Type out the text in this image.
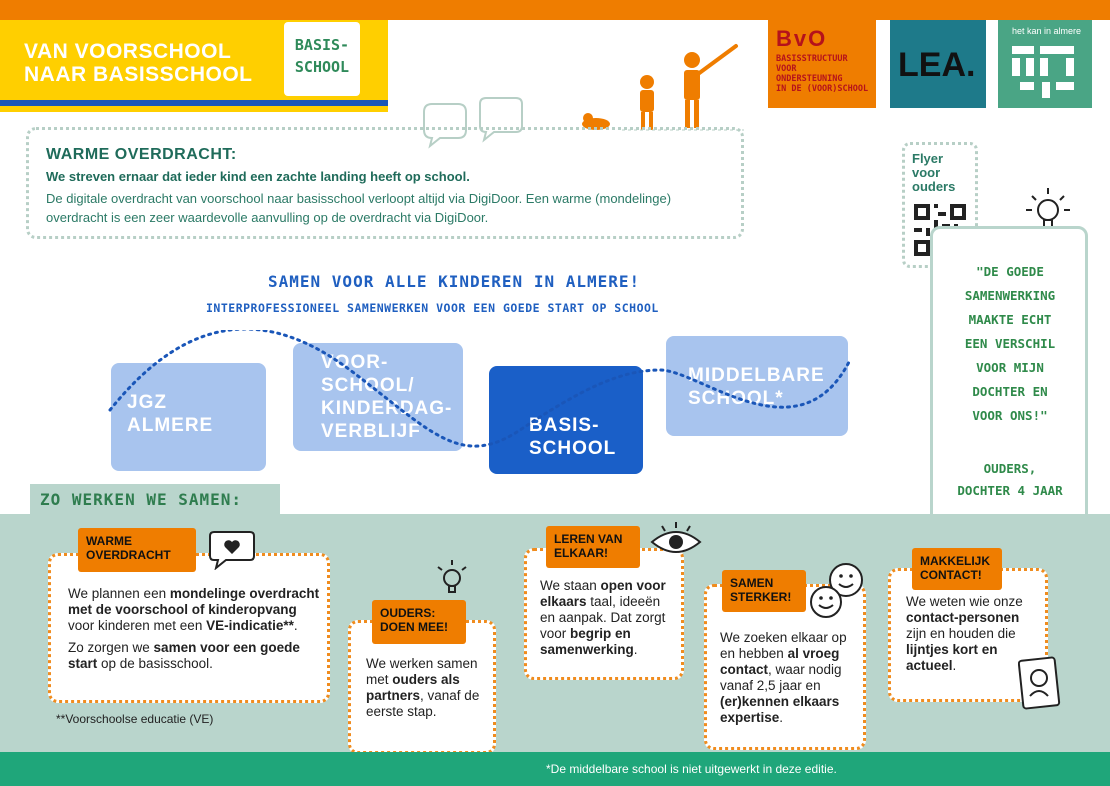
VAN VOORSCHOOL
NAAR BASISSCHOOL
BASIS-
SCHOOL
BvO
BASISSTRUCTUUR
VOOR
ONDERSTEUNING
IN DE (VOOR)SCHOOL
LEA.
het kan in almere
WARME OVERDRACHT:
We streven ernaar dat ieder kind een zachte landing heeft op school.
De digitale overdracht van voorschool naar basisschool verloopt altijd via DigiDoor. Een warme (mondelinge) overdracht is een zeer waardevolle aanvulling op de overdracht via DigiDoor.
Flyer
voor
ouders
SAMEN VOOR ALLE KINDEREN IN ALMERE!
INTERPROFESSIONEEL SAMENWERKEN VOOR EEN GOEDE START OP SCHOOL
JGZ
ALMERE
VOOR-
SCHOOL/
KINDERDAG-
VERBLIJF	BASIS-
SCHOOL
MIDDELBARE
SCHOOL*
"DE GOEDE
SAMENWERKING
MAAKTE ECHT
EEN VERSCHIL
VOOR MIJN
DOCHTER EN
VOOR ONS!"
OUDERS,
DOCHTER 4 JAAR
ZO WERKEN WE SAMEN:
WARME
OVERDRACHT
We plannen een mondelinge overdracht met de voorschool of kinderopvang voor kinderen met een VE-indicatie**.
Zo zorgen we samen voor een goede start op de basisschool.
**Voorschoolse educatie (VE)
OUDERS:
DOEN MEE!
We werken samen met ouders als partners, vanaf de eerste stap.
LEREN VAN
ELKAAR!
We staan open voor elkaars taal, ideeën en aanpak. Dat zorgt voor begrip en samenwerking.
SAMEN
STERKER!
We zoeken elkaar op en hebben al vroeg contact, waar nodig vanaf 2,5 jaar en (er)kennen elkaars expertise.
MAKKELIJK
CONTACT!
We weten wie onze contact-personen zijn en houden die lijntjes kort en actueel.
*De middelbare school is niet uitgewerkt in deze editie.
